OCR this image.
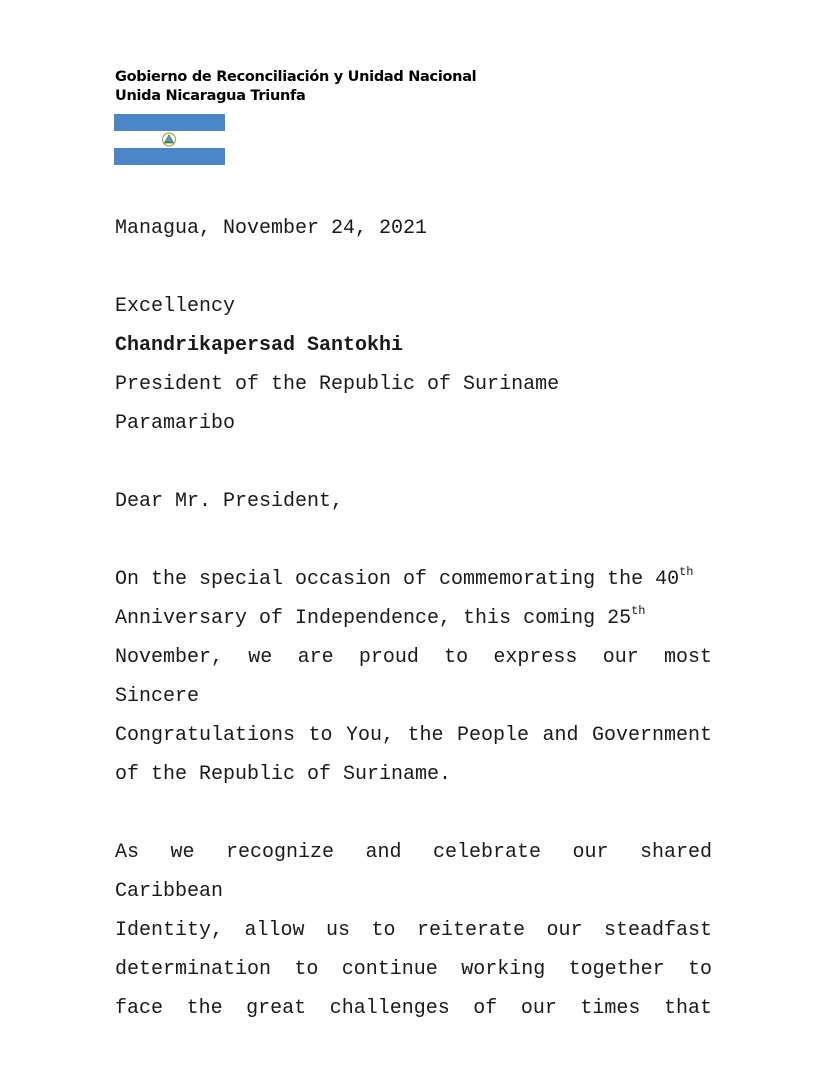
Gobierno de Reconciliación y Unidad Nacional
Unida Nicaragua Triunfa

Managua, November 24, 2021

Excellency

Chandrikapersad Santokhi

President of the Republic of Suriname

Paramaribo

Dear Mr. President,

On the special occasion of commemorating the 40th

Anniversary of Independence, this coming 25th

November, we are proud to express our most Sincere

Congratulations to You, the People and Government

of the Republic of Suriname.

As we recognize and celebrate our shared Caribbean

Identity, allow us to reiterate our steadfast

determination to continue working together to

face the great challenges of our times that
